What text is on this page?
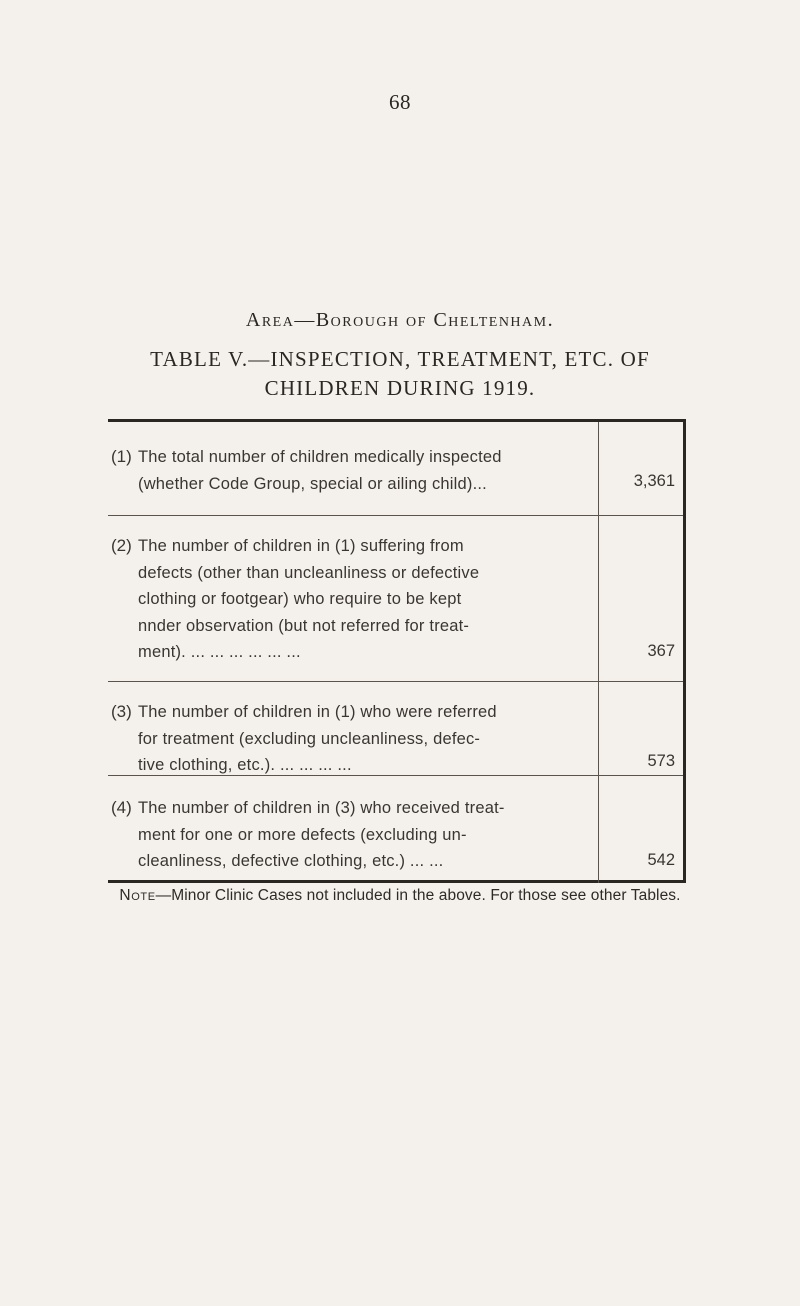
68
Area—Borough of Cheltenham.
TABLE V.—INSPECTION, TREATMENT, ETC. OF
CHILDREN DURING 1919.
(1) The total number of children medically inspected
(whether Code Group, special or ailing child)...	3,361
(2) The number of children in (1) suffering from
defects (other than uncleanliness or defective
clothing or footgear) who require to be kept
nnder observation (but not referred for treat-
ment). ... ... ... ... ... ...	367
(3) The number of children in (1) who were referred
for treatment (excluding uncleanliness, defec-
tive clothing, etc.). ... ... ... ...	573
(4) The number of children in (3) who received treat-
ment for one or more defects (excluding un-
cleanliness, defective clothing, etc.) ... ...	542
Note—Minor Clinic Cases not included in the above. For those see other Tables.
